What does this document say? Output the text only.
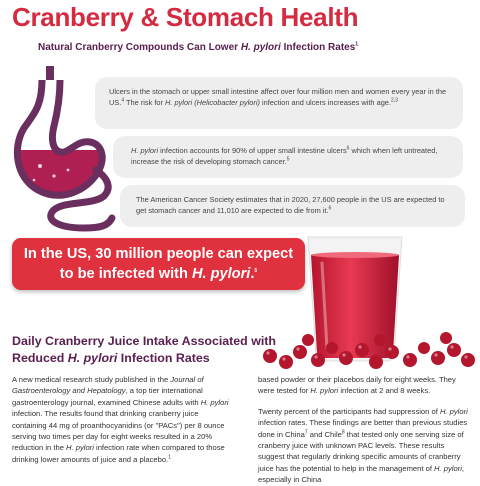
Cranberry & Stomach Health
Natural Cranberry Compounds Can Lower H. pylori Infection Rates$^1$
Ulcers in the stomach or upper small intestine affect over four million men and women every year in the US.$^4$ The risk for H. pylori (Helicobacter pylori) infection and ulcers increases with age.$^{2,3}$
H. pylori infection accounts for 90% of upper small intestine ulcers$^6$ which when left untreated, increase the risk of developing stomach cancer.$^5$
The American Cancer Society estimates that in 2020, 27,600 people in the US are expected to get stomach cancer and 11,010 are expected to die from it.$^6$
In the US, 30 million people can expect
to be infected with H. pylori.$^5$
Daily Cranberry Juice Intake Associated with
Reduced H. pylori Infection Rates

A new medical research study published in the Journal of Gastroenterology and Hepatology, a top tier international gastroenterology journal, examined Chinese adults with H. pylori infection. The results found that drinking cranberry juice containing 44 mg of proanthocyanidins (or "PACs") per 8 ounce serving two times per day for eight weeks resulted in a 20% reduction in the H. pylori infection rate when compared to those drinking lower amounts of juice and a placebo.$^1$

based powder or their placebos daily for eight weeks. They were tested for H. pylori infection at 2 and 8 weeks.

Twenty percent of the participants had suppression of H. pylori infection rates. These findings are better than previous studies done in China$^7$ and Chile$^8$ that tested only one serving size of cranberry juice with unknown PAC levels. These results suggest that regularly drinking specific amounts of cranberry juice has the potential to help in the management of H. pylori, especially in China
